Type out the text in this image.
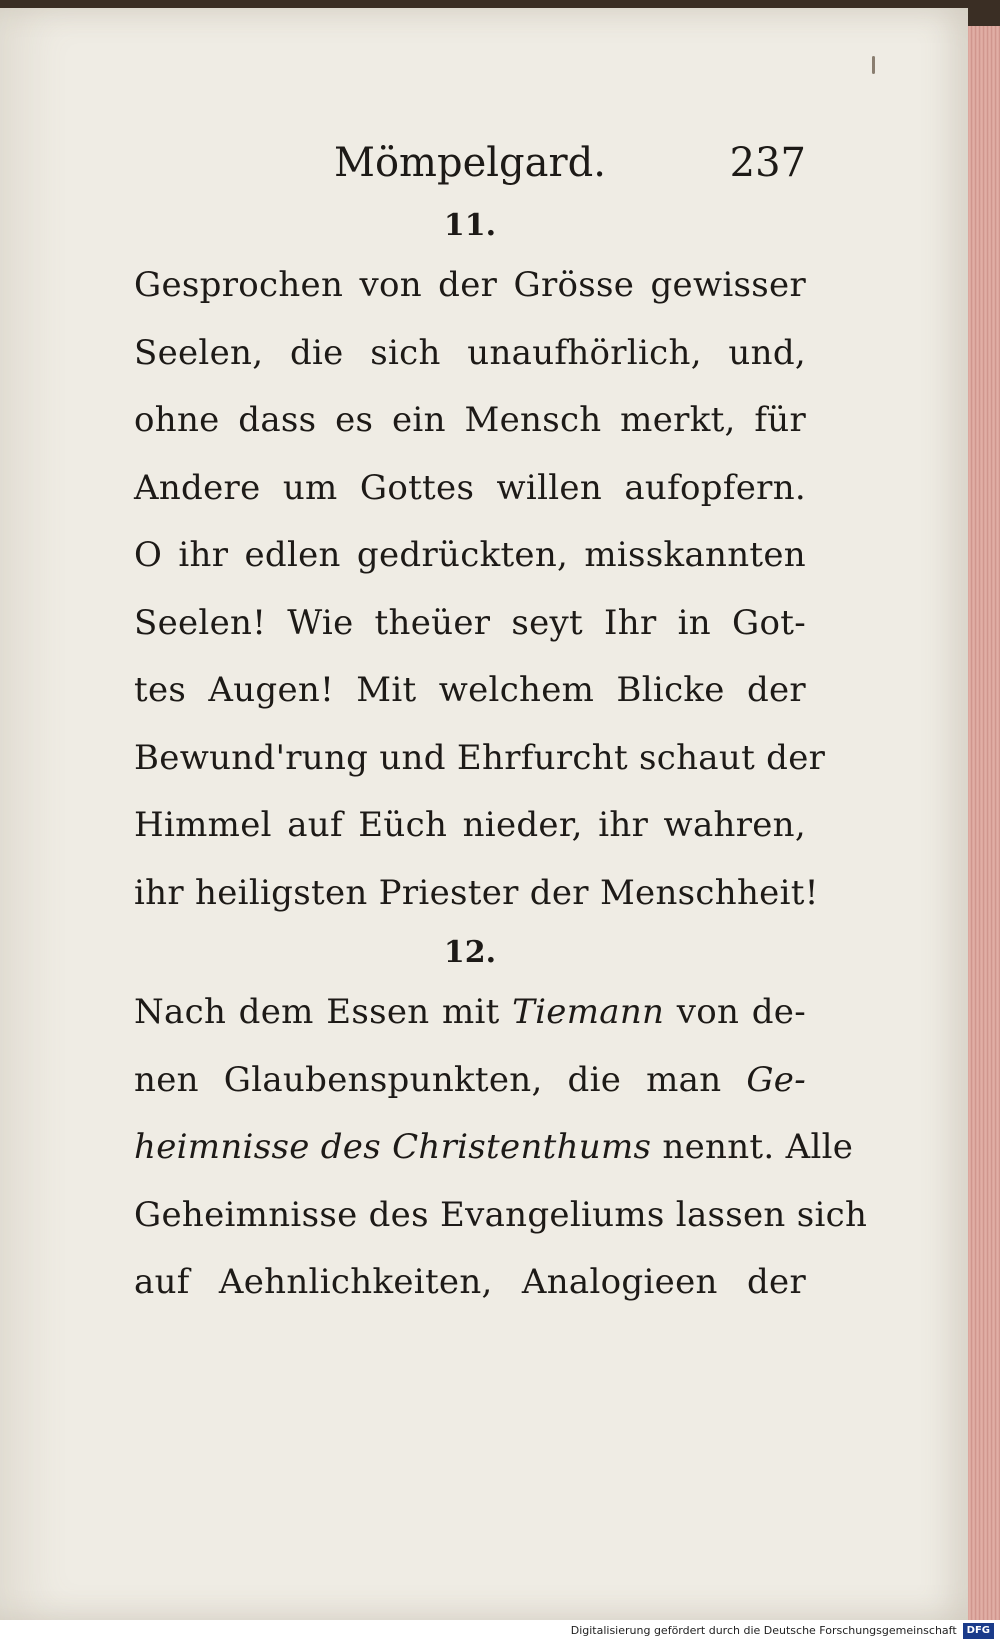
Mömpelgard.	237
11.
Gesprochen von der Grösse gewisser
Seelen, die sich unaufhörlich, und,
ohne dass es ein Mensch merkt, für
Andere um Gottes willen aufopfern.
O ihr edlen gedrückten, misskannten
Seelen! Wie theüer seyt Ihr in Got-
tes Augen! Mit welchem Blicke der
Bewund'rung und Ehrfurcht schaut der
Himmel auf Eüch nieder, ihr wahren,
ihr heiligsten Priester der Menschheit!
12.
Nach dem Essen mit Tiemann von de-
nen Glaubenspunkten, die man Ge-
heimnisse des Christenthums nennt. Alle
Geheimnisse des Evangeliums lassen sich
auf Aehnlichkeiten, Analogieen der
Digitalisierung gefördert durch die Deutsche Forschungsgemeinschaft DFG
